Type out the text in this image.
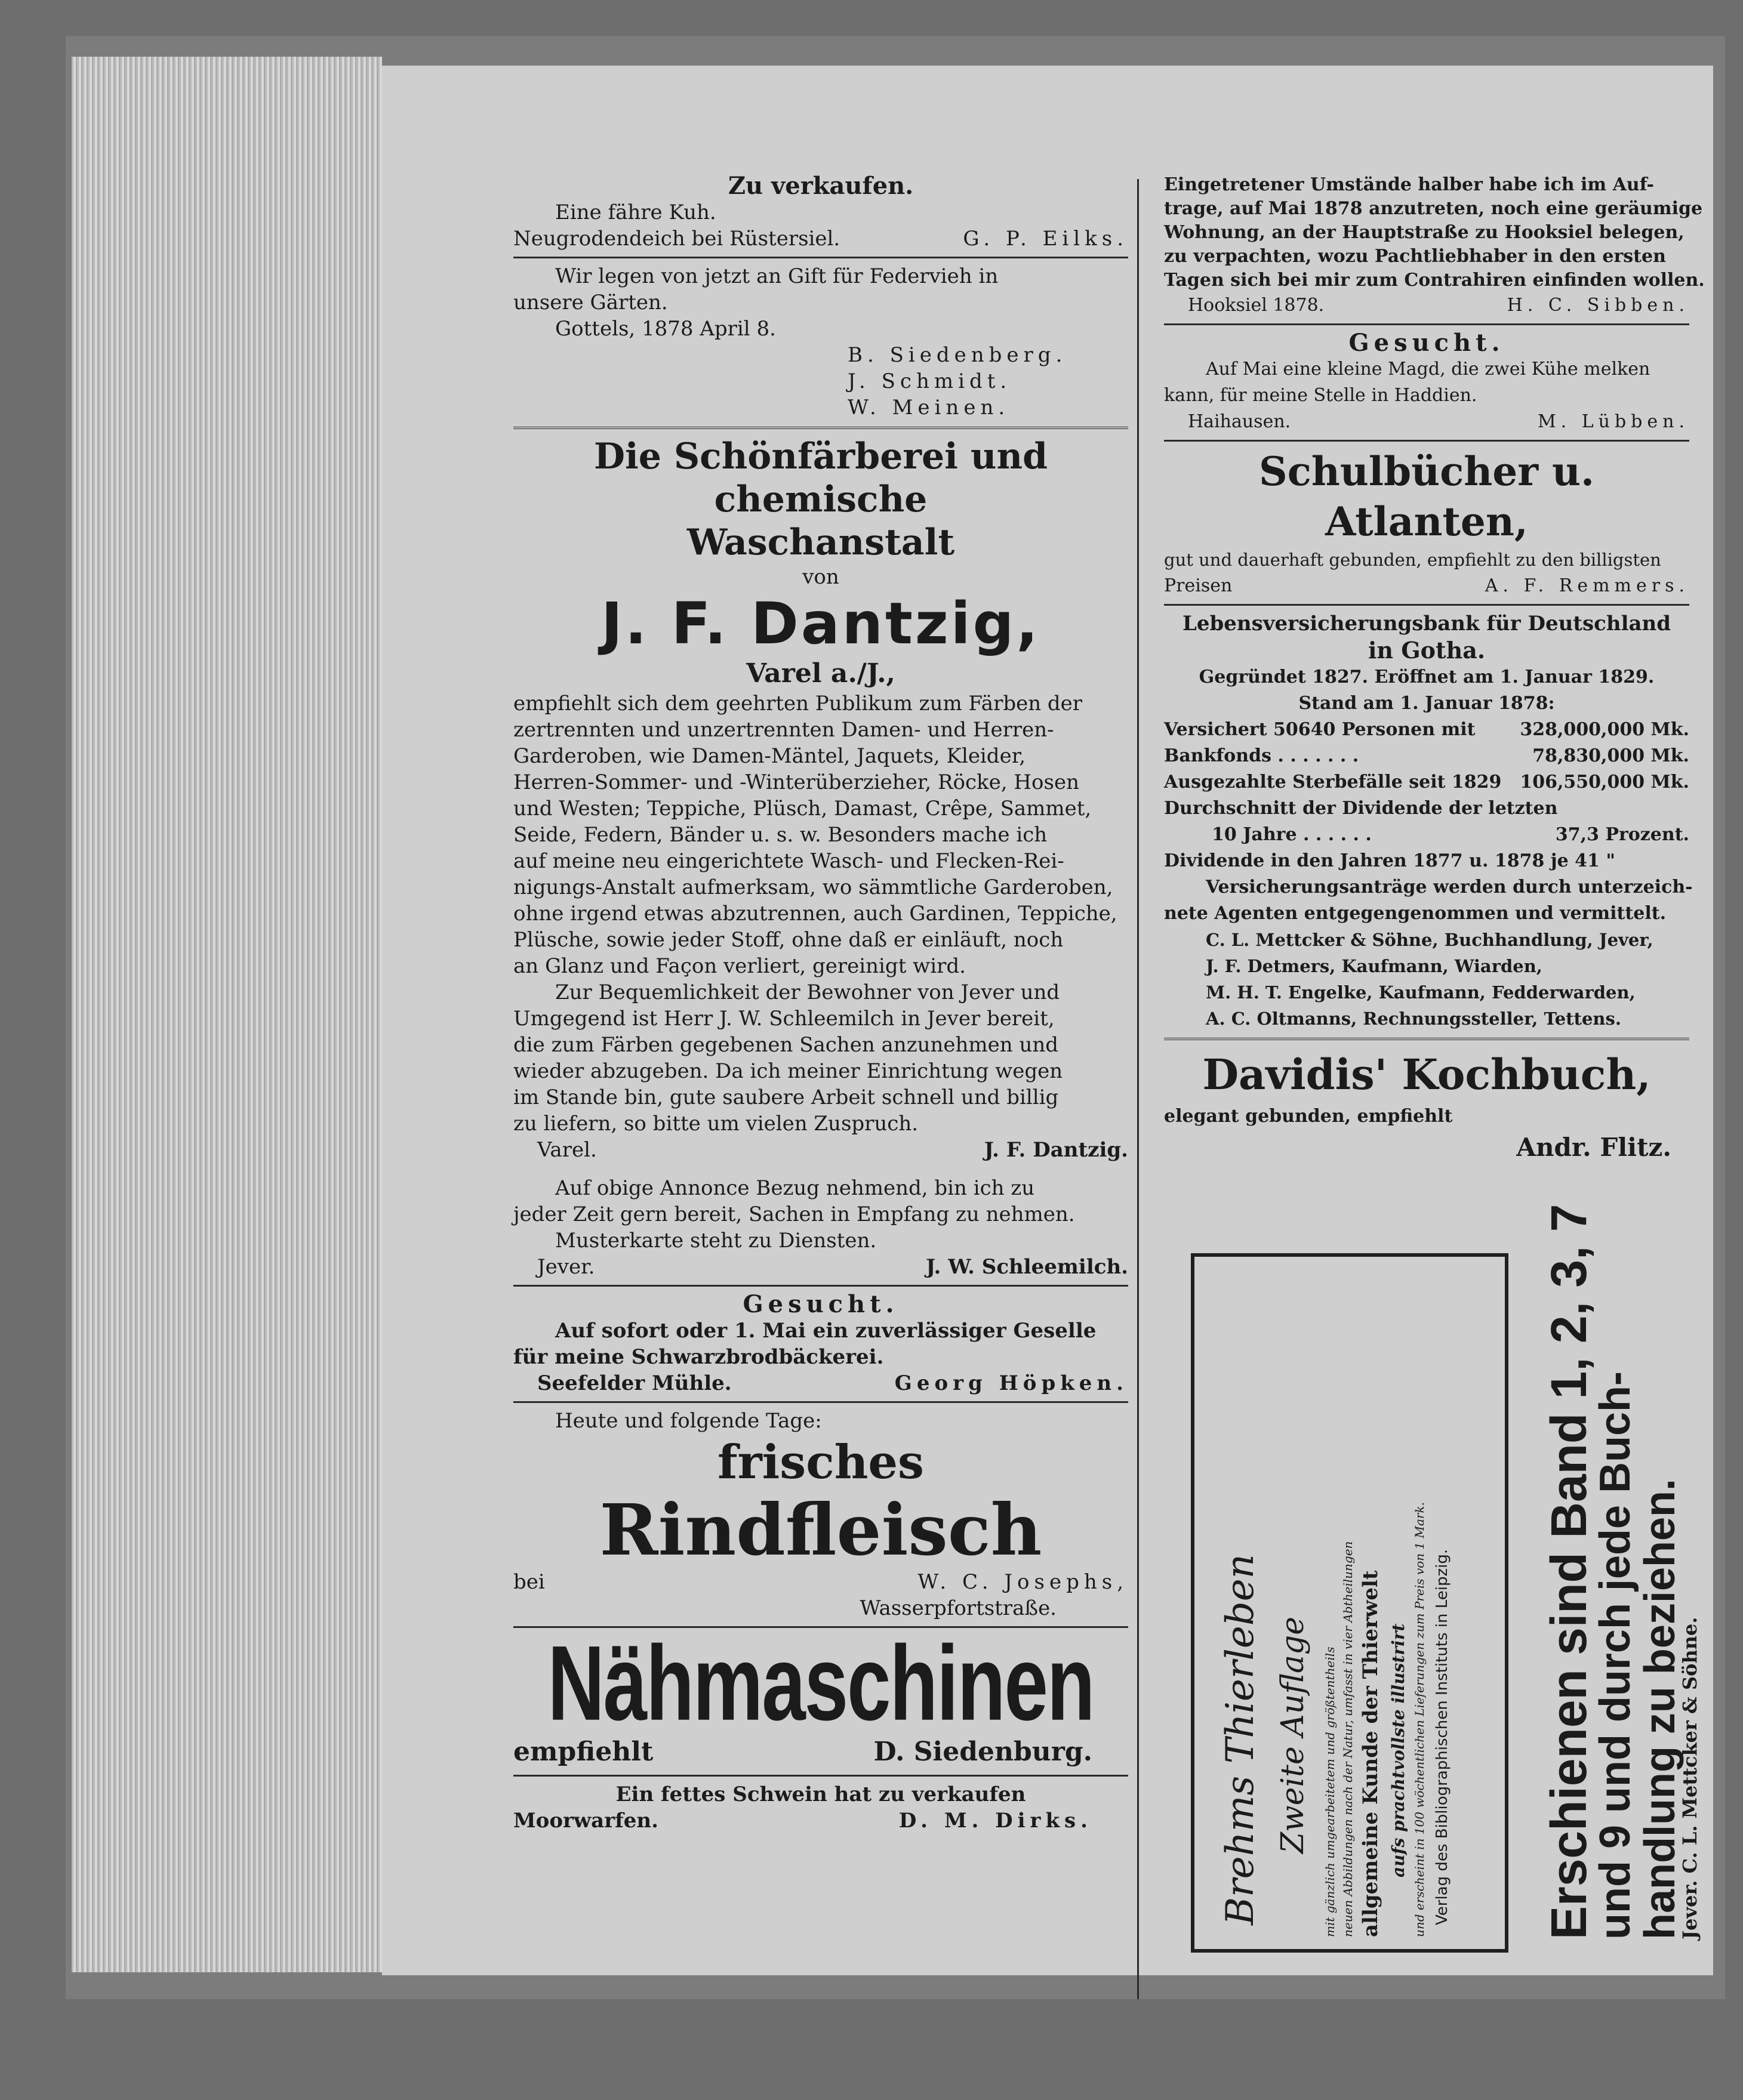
Zu verkaufen.

Eine fähre Kuh.

Neugrodendeich bei Rüstersiel.	G. P. Eilks.

Wir legen von jetzt an Gift für Federvieh in

unsere Gärten.

Gottels, 1878 April 8.

B. Siedenberg.

J. Schmidt.

W. Meinen.

Die Schönfärberei und chemische
Waschanstalt

von

J. F. Dantzig,
Varel a./J.,
empfiehlt sich dem geehrten Publikum zum Färben der
zertrennten und unzertrennten Damen- und Herren-
Garderoben, wie Damen-Mäntel, Jaquets, Kleider,
Herren-Sommer- und -Winterüberzieher, Röcke, Hosen
und Westen; Teppiche, Plüsch, Damast, Crêpe, Sammet,
Seide, Federn, Bänder u. s. w. Besonders mache ich
auf meine neu eingerichtete Wasch- und Flecken-Rei-
nigungs-Anstalt aufmerksam, wo sämmtliche Garderoben,
ohne irgend etwas abzutrennen, auch Gardinen, Teppiche,
Plüsche, sowie jeder Stoff, ohne daß er einläuft, noch
an Glanz und Façon verliert, gereinigt wird.
Zur Bequemlichkeit der Bewohner von Jever und
Umgegend ist Herr J. W. Schleemilch in Jever bereit,
die zum Färben gegebenen Sachen anzunehmen und
wieder abzugeben. Da ich meiner Einrichtung wegen
im Stande bin, gute saubere Arbeit schnell und billig
zu liefern, so bitte um vielen Zuspruch.
Varel.	J. F. Dantzig.

Auf obige Annonce Bezug nehmend, bin ich zu

jeder Zeit gern bereit, Sachen in Empfang zu nehmen.

Musterkarte steht zu Diensten.

Jever.	J. W. Schleemilch.

Gesucht.

Auf sofort oder 1. Mai ein zuverlässiger Geselle

für meine Schwarzbrodbäckerei.

Seefelder Mühle.	Georg Höpken.

Heute und folgende Tage:

frisches
Rindfleisch
bei	W. C. Josephs,

Wasserpfortstraße.

Nähmaschinen
empfiehlt	D. Siedenburg.

Ein fettes Schwein hat zu verkaufen

Moorwarfen.	D. M. Dirks.

Eingetretener Umstände halber habe ich im Auf-

trage, auf Mai 1878 anzutreten, noch eine geräumige

Wohnung, an der Hauptstraße zu Hooksiel belegen,

zu verpachten, wozu Pachtliebhaber in den ersten

Tagen sich bei mir zum Contrahiren einfinden wollen.

Hooksiel 1878.	H. C. Sibben.

Gesucht.

Auf Mai eine kleine Magd, die zwei Kühe melken

kann, für meine Stelle in Haddien.

Haihausen.	M. Lübben.
Schulbücher u. Atlanten,

gut und dauerhaft gebunden, empfiehlt zu den billigsten

Preisen	A. F. Remmers.
Lebensversicherungsbank für Deutschland
in Gotha.

Gegründet 1827. Eröffnet am 1. Januar 1829.

Stand am 1. Januar 1878:

Versichert 50640 Personen mit 328,000,000 Mk.
Bankfonds . . . . . . .	78,830,000 Mk.
Ausgezahlte Sterbefälle seit 1829 106,550,000 Mk.

Durchschnitt der Dividende der letzten

10 Jahre . . . . . .	37,3 Prozent.

Dividende in den Jahren 1877 u. 1878 je 41 "

Versicherungsanträge werden durch unterzeich-

nete Agenten entgegengenommen und vermittelt.

C. L. Mettcker & Söhne, Buchhandlung, Jever,

J. F. Detmers, Kaufmann, Wiarden,

M. H. T. Engelke, Kaufmann, Fedderwarden,

A. C. Oltmanns, Rechnungssteller, Tettens.

Davidis' Kochbuch,

elegant gebunden, empfiehlt

Andr. Flitz.

Brehms Thierleben Zweite Auflage mit gänzlich umgearbeitetem und größtentheils neuen Abbildungen nach der Natur, umfasst in vier Abtheilungen allgemeine Kunde der Thierwelt aufs prachtvollste illustrirt und erscheint in 100 wöchentlichen Lieferungen zum Preis von 1 Mark. Verlag des Bibliographischen Instituts in Leipzig. Erschienen sind Band 1, 2, 3, 7
und 9 und durch jede Buch-
handlung zu beziehen.
Jever. C. L. Mettcker & Söhne.
